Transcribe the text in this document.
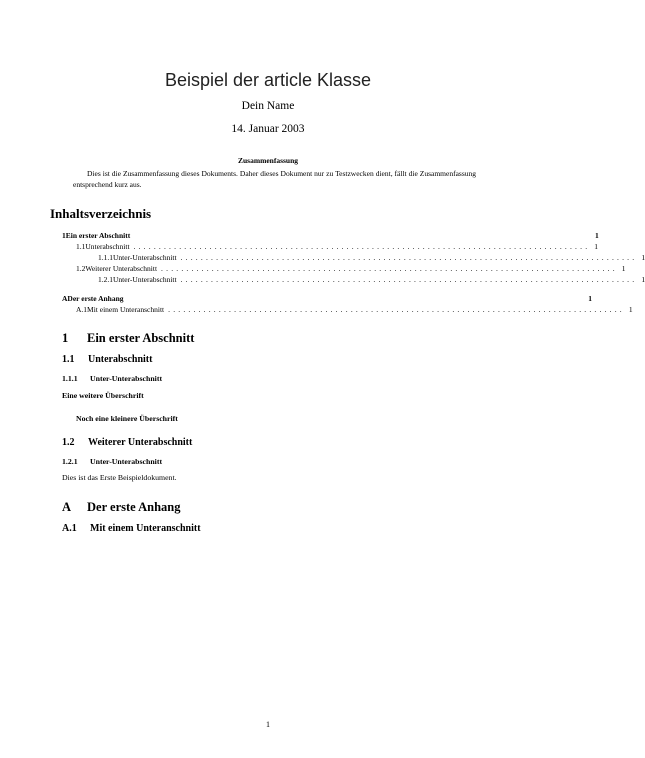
Beispiel der article Klasse
Dein Name
14. Januar 2003
Zusammenfassung
Dies ist die Zusammenfassung dieses Dokuments. Daher dieses Dokument nur zu Testzwecken dient, fällt die Zusammenfassung entsprechend kurz aus.
Inhaltsverzeichnis
1 Ein erster Abschnitt	1
1.1 Unterabschnitt .......................................................................................... 1
1.1.1 Unter-Unterabschnitt .......................................................................................... 1
1.2 Weiterer Unterabschnitt .......................................................................................... 1
1.2.1 Unter-Unterabschnitt .......................................................................................... 1
A Der erste Anhang	1
A.1 Mit einem Unteranschnitt .......................................................................................... 1
1 Ein erster Abschnitt
1.1 Unterabschnitt
1.1.1 Unter-Unterabschnitt
Eine weitere Überschrift
Noch eine kleinere Überschrift
1.2 Weiterer Unterabschnitt
1.2.1 Unter-Unterabschnitt
Dies ist das Erste Beispieldokument.
A Der erste Anhang
A.1 Mit einem Unteranschnitt
1
